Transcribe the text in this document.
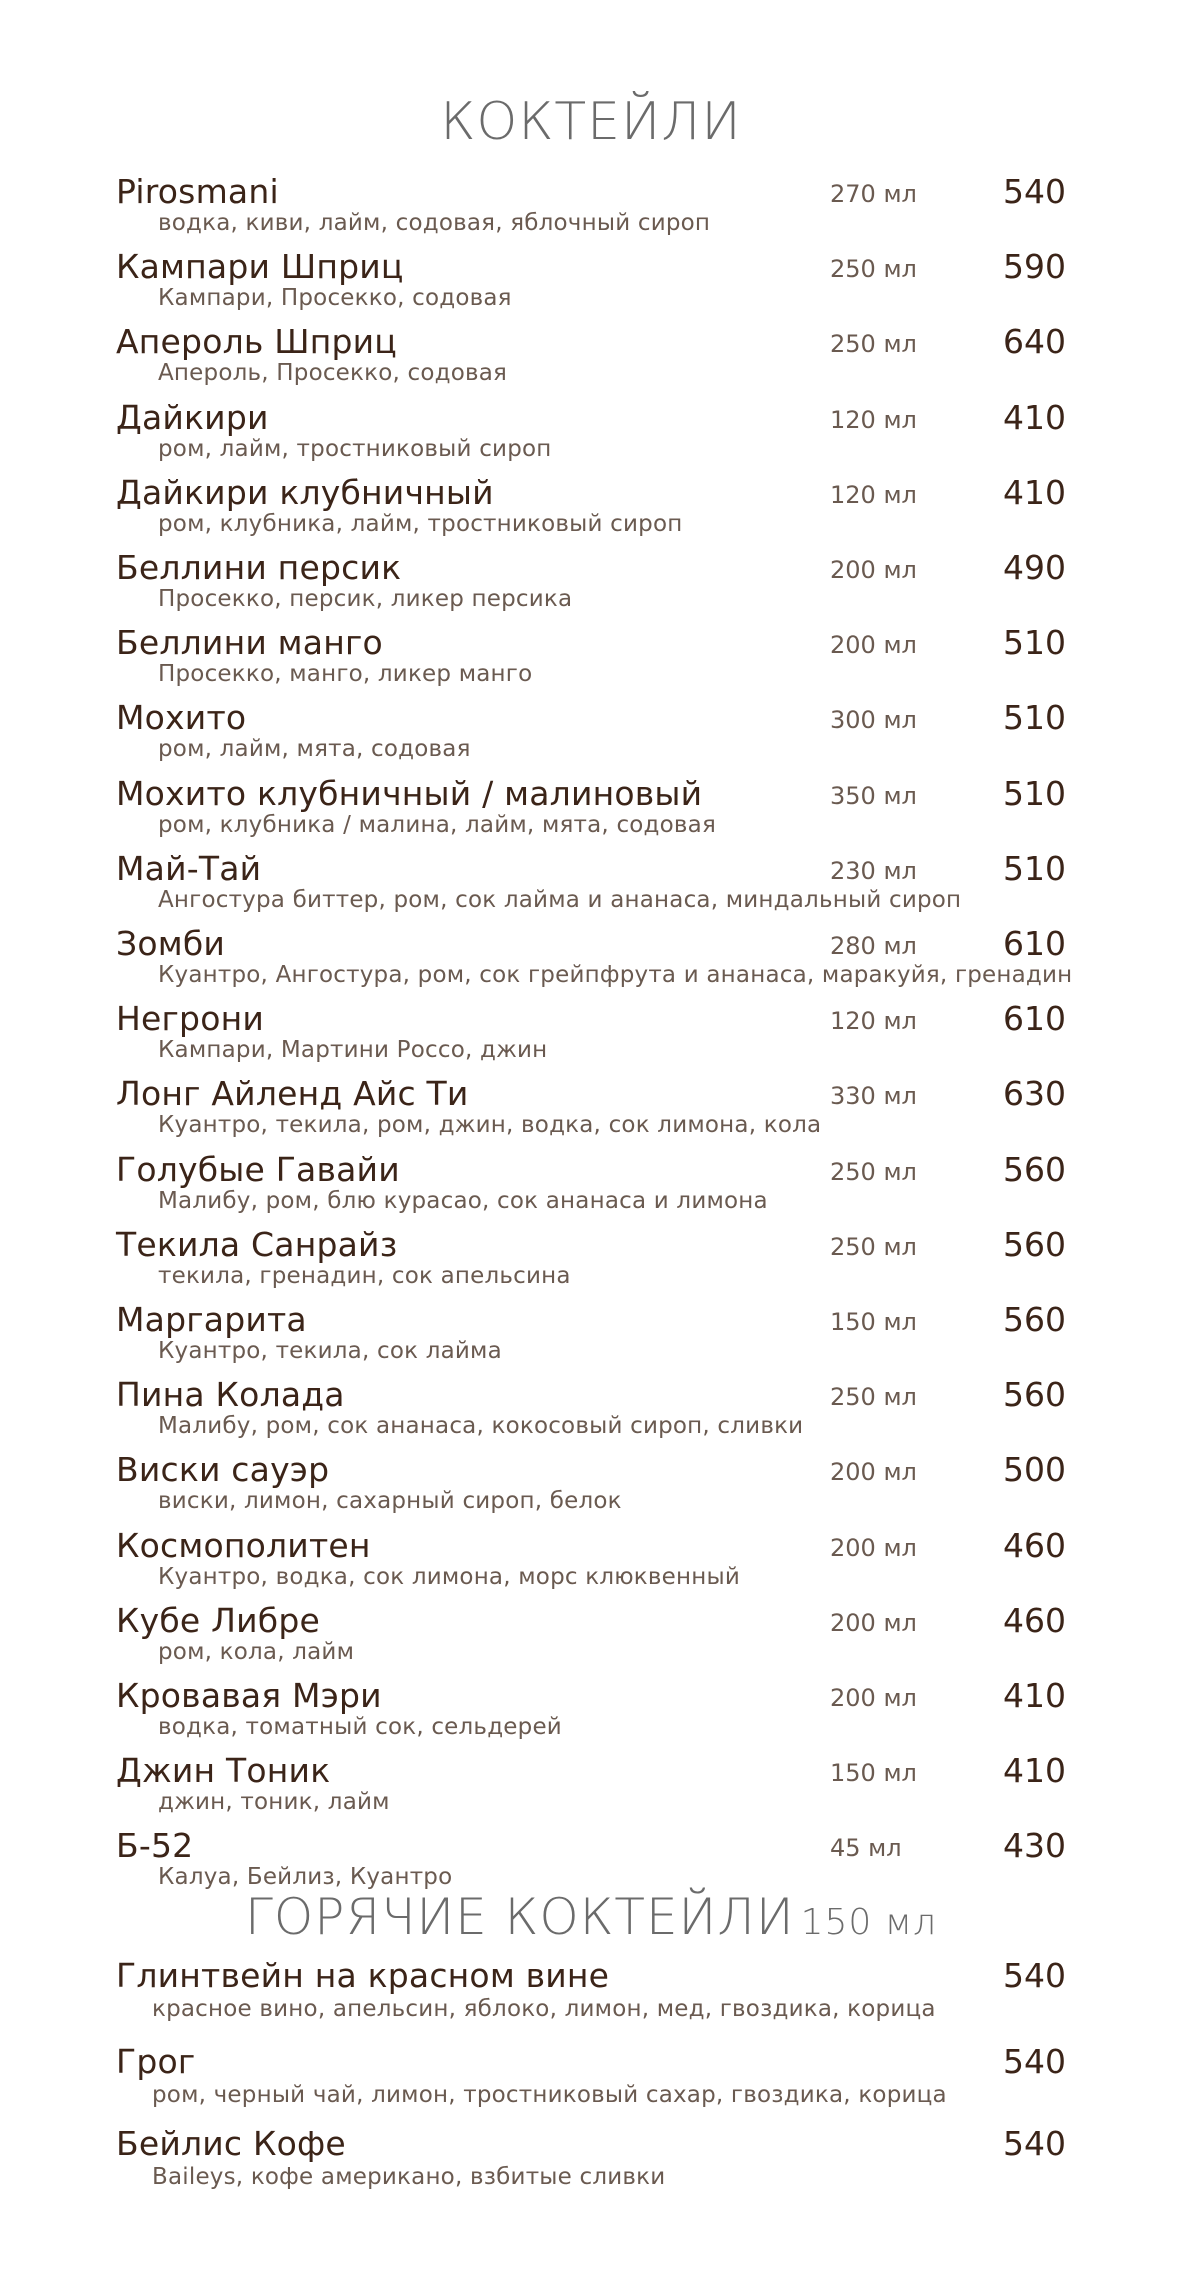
КОКТЕЙЛИ
Pirosmani
водка, киви, лайм, содовая, яблочный сироп
270 мл	540
Кампари Шприц
Кампари, Просекко, содовая
250 мл	590
Апероль Шприц
Апероль, Просекко, содовая
250 мл	640
Дайкири
ром, лайм, тростниковый сироп
120 мл	410
Дайкири клубничный
ром, клубника, лайм, тростниковый сироп
120 мл	410
Беллини персик
Просекко, персик, ликер персика
200 мл	490
Беллини манго
Просекко, манго, ликер манго
200 мл	510
Мохито
ром, лайм, мята, содовая
300 мл	510
Мохито клубничный / малиновый
ром, клубника / малина, лайм, мята, содовая
350 мл	510
Май-Тай
Ангостура биттер, ром, сок лайма и ананаса, миндальный сироп
230 мл	510
Зомби
Куантро, Ангостура, ром, сок грейпфрута и ананаса, маракуйя, гренадин
280 мл	610
Негрони
Кампари, Мартини Россо, джин
120 мл	610
Лонг Айленд Айс Ти
Куантро, текила, ром, джин, водка, сок лимона, кола
330 мл	630
Голубые Гавайи
Малибу, ром, блю курасао, сок ананаса и лимона
250 мл	560
Текила Санрайз
текила, гренадин, сок апельсина
250 мл	560
Маргарита
Куантро, текила, сок лайма
150 мл	560
Пина Колада
Малибу, ром, сок ананаса, кокосовый сироп, сливки
250 мл	560
Виски сауэр
виски, лимон, сахарный сироп, белок
200 мл	500
Космополитен
Куантро, водка, сок лимона, морс клюквенный
200 мл	460
Кубе Либре
ром, кола, лайм
200 мл	460
Кровавая Мэри
водка, томатный сок, сельдерей
200 мл	410
Джин Тоник
джин, тоник, лайм
150 мл	410
Б-52
Калуа, Бейлиз, Куантро
45 мл	430
ГОРЯЧИЕ КОКТЕЙЛИ 150 мл
Глинтвейн на красном вине
красное вино, апельсин, яблоко, лимон, мед, гвоздика, корица
540
Грог
ром, черный чай, лимон, тростниковый сахар, гвоздика, корица
540
Бейлис Кофе
Baileys, кофе американо, взбитые сливки
540
